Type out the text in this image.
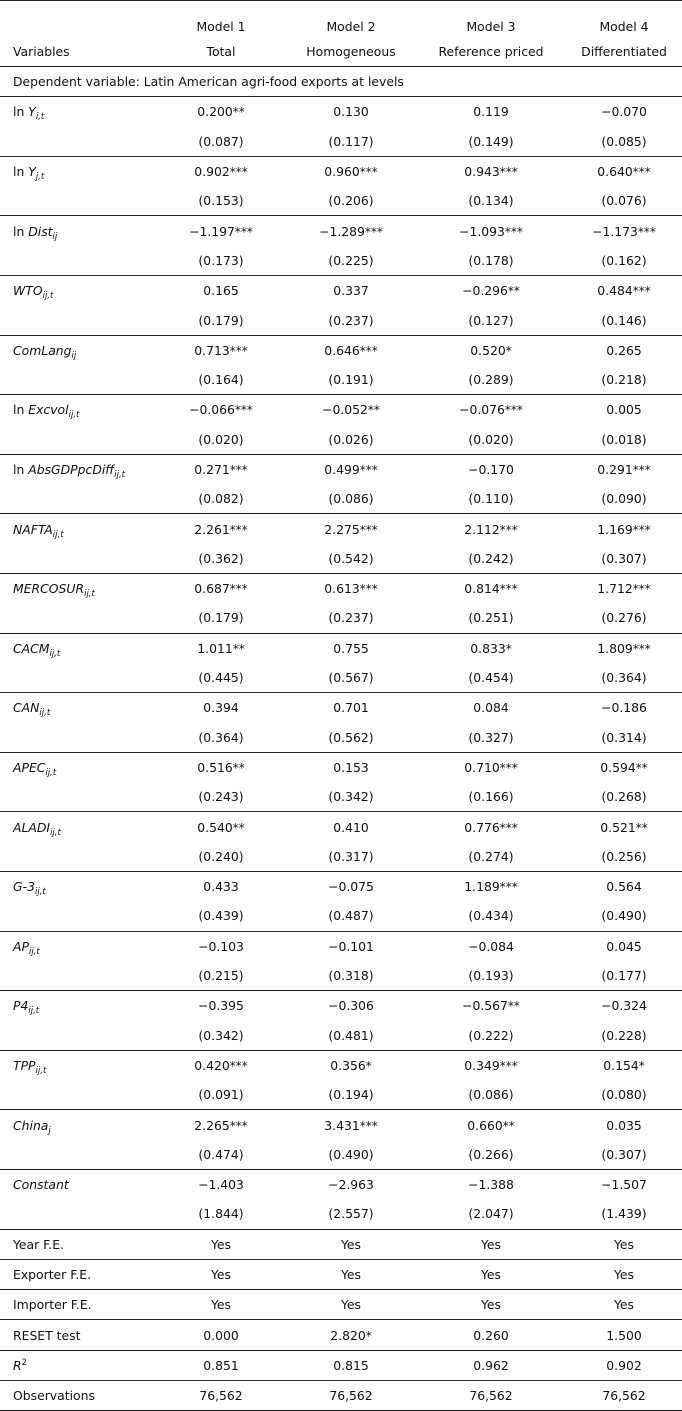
	Model 1	Model 2	Model 3	Model 4
Variables	Total	Homogeneous	Reference priced	Differentiated
Dependent variable: Latin American agri-food exports at levels				
$\ln Y_{i,t}$	0.200**	0.130	0.119	−0.070
	(0.087)	(0.117)	(0.149)	(0.085)
$\ln Y_{j,t}$	0.902***	0.960***	0.943***	0.640***
	(0.153)	(0.206)	(0.134)	(0.076)
ln Dist$_{ij}$	−1.197***	−1.289***	−1.093***	−1.173***
	(0.173)	(0.225)	(0.178)	(0.162)
$WTO_{ij,t}$	0.165	0.337	−0.296**	0.484***
	(0.179)	(0.237)	(0.127)	(0.146)
ComLang$_{ij}$	0.713***	0.646***	0.520*	0.265
	(0.164)	(0.191)	(0.289)	(0.218)
ln Excvol$_{ij,t}$	−0.066***	−0.052**	−0.076***	0.005
	(0.020)	(0.026)	(0.020)	(0.018)
ln AbsGDPpcDiff$_{ij,t}$	0.271***	0.499***	−0.170	0.291***
	(0.082)	(0.086)	(0.110)	(0.090)
$NAFTA_{ij,t}$	2.261***	2.275***	2.112***	1.169***
	(0.362)	(0.542)	(0.242)	(0.307)
$MERCOSUR_{ij,t}$	0.687***	0.613***	0.814***	1.712***
	(0.179)	(0.237)	(0.251)	(0.276)
$CACM_{ij,t}$	1.011**	0.755	0.833*	1.809***
	(0.445)	(0.567)	(0.454)	(0.364)
$CAN_{ij,t}$	0.394	0.701	0.084	−0.186
	(0.364)	(0.562)	(0.327)	(0.314)
$APEC_{ij,t}$	0.516**	0.153	0.710***	0.594**
	(0.243)	(0.342)	(0.166)	(0.268)
$ALADI_{ij,t}$	0.540**	0.410	0.776***	0.521**
	(0.240)	(0.317)	(0.274)	(0.256)
$G-3_{ij,t}$	0.433	−0.075	1.189***	0.564
	(0.439)	(0.487)	(0.434)	(0.490)
$AP_{ij,t}$	−0.103	−0.101	−0.084	0.045
	(0.215)	(0.318)	(0.193)	(0.177)
$P4_{ij,t}$	−0.395	−0.306	−0.567**	−0.324
	(0.342)	(0.481)	(0.222)	(0.228)
$TPP_{ij,t}$	0.420***	0.356*	0.349***	0.154*
	(0.091)	(0.194)	(0.086)	(0.080)
China$_j$	2.265***	3.431***	0.660**	0.035
	(0.474)	(0.490)	(0.266)	(0.307)
Constant	−1.403	−2.963	−1.388	−1.507
	(1.844)	(2.557)	(2.047)	(1.439)
Year F.E.	Yes	Yes	Yes	Yes
Exporter F.E.	Yes	Yes	Yes	Yes
Importer F.E.	Yes	Yes	Yes	Yes
RESET test	0.000	2.820*	0.260	1.500
$R^2$	0.851	0.815	0.962	0.902
Observations	76,562	76,562	76,562	76,562
